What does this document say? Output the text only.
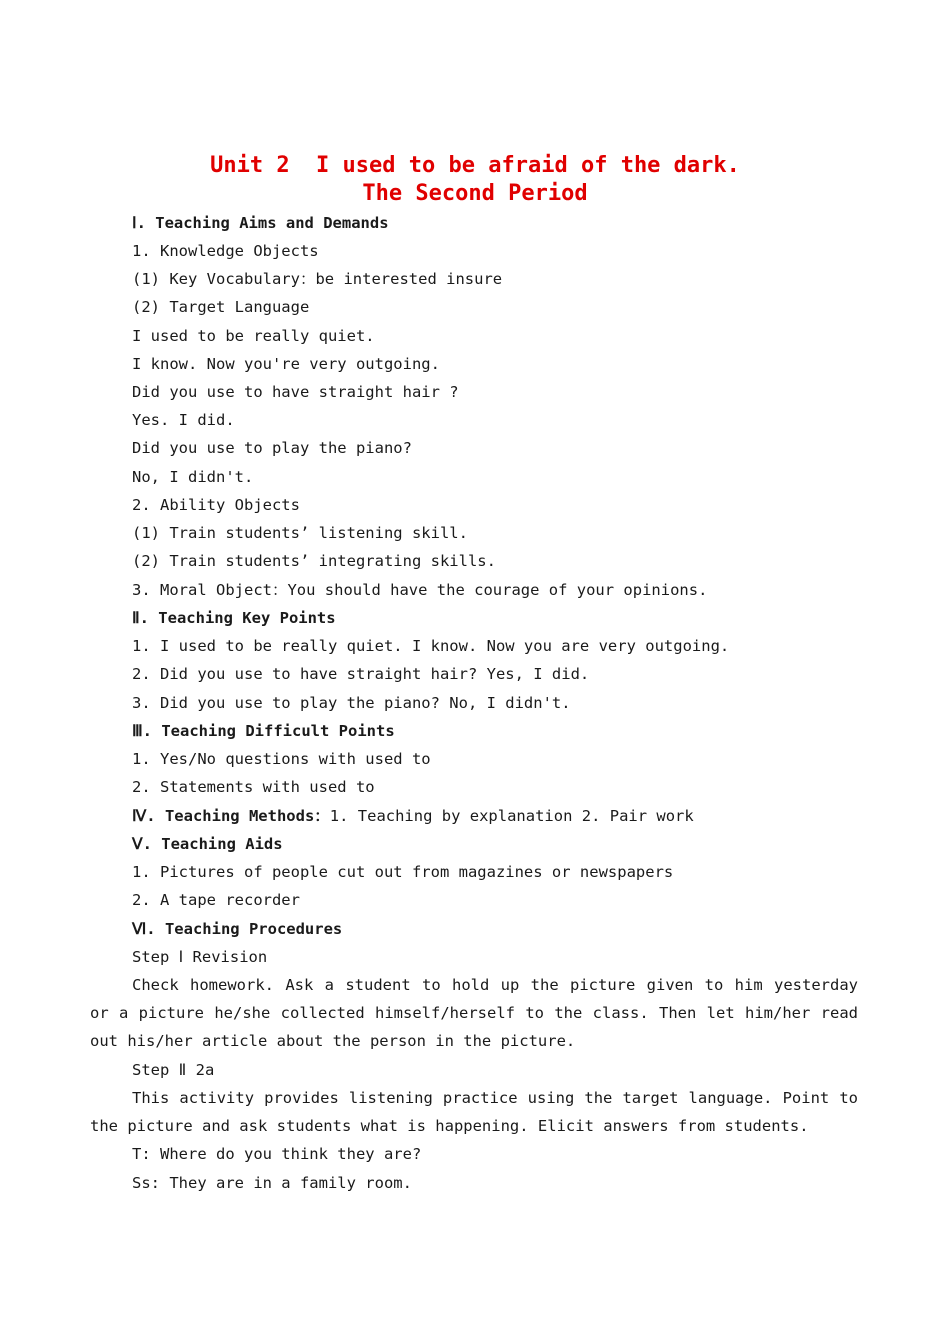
Unit 2  I used to be afraid of the dark.
The Second Period
Ⅰ. Teaching Aims and Demands
1. Knowledge Objects
(1) Key Vocabulary：be interested insure
(2) Target Language
I used to be really quiet.
I know. Now you're very outgoing.
Did you use to have straight hair ?
Yes. I did.
Did you use to play the piano?
No, I didn't.
2. Ability Objects
(1) Train students’ listening skill.
(2) Train students’ integrating skills.
3. Moral Object：You should have the courage of your opinions.
Ⅱ. Teaching Key Points
1. I used to be really quiet. I know. Now you are very outgoing.
2. Did you use to have straight hair? Yes, I did.
3. Did you use to play the piano? No, I didn't.
Ⅲ. Teaching Difficult Points
1. Yes/No questions with used to
2. Statements with used to
Ⅳ. Teaching Methods：1. Teaching by explanation 2. Pair work
Ⅴ. Teaching Aids
1. Pictures of people cut out from magazines or newspapers
2. A tape recorder
Ⅵ. Teaching Procedures
Step Ⅰ Revision

Check homework. Ask a student to hold up the picture given to him yesterday or a picture he/she collected himself/herself to the class. Then let him/her read out his/her article about the person in the picture.

Step Ⅱ 2a

This activity provides listening practice using the target language. Point to the picture and ask students what is happening. Elicit answers from students.

T: Where do you think they are?
Ss: They are in a family room.
